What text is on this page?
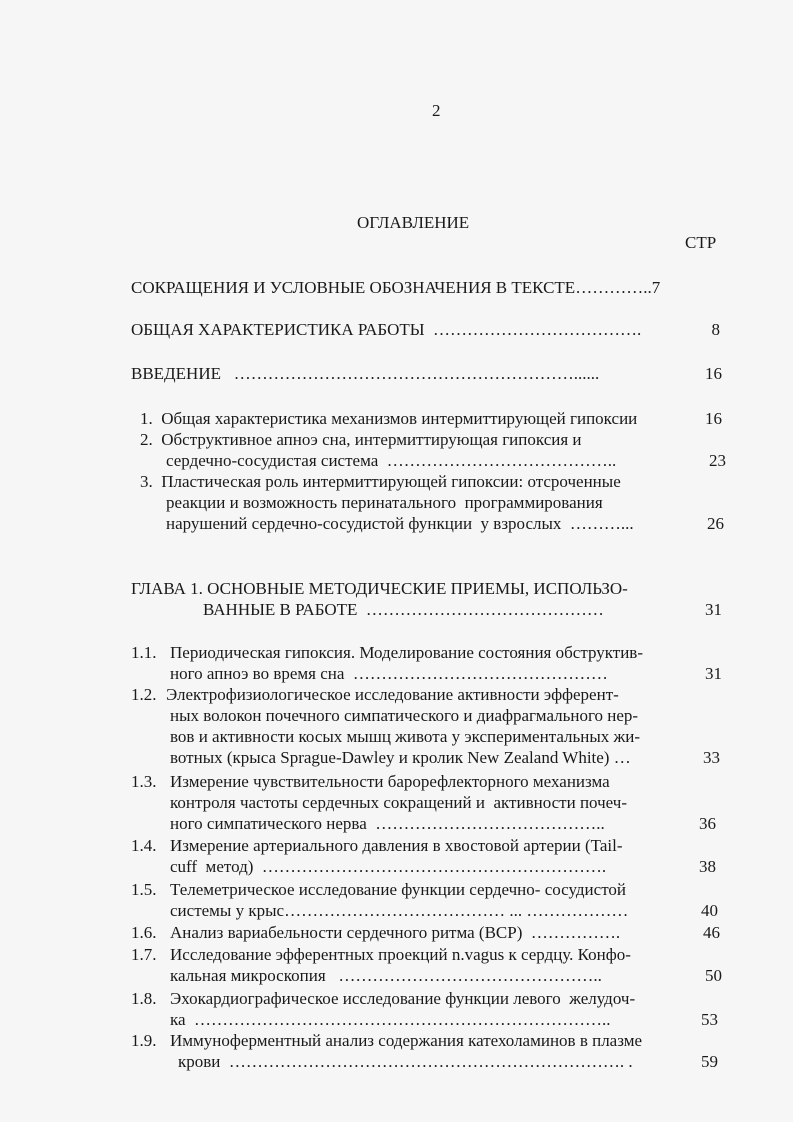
2
ОГЛАВЛЕНИЕ
СТР
СОКРАЩЕНИЯ И УСЛОВНЫЕ ОБОЗНАЧЕНИЯ В ТЕКСТЕ…………..7
ОБЩАЯ ХАРАКТЕРИСТИКА РАБОТЫ  ……………………………….	8
ВВЕДЕНИЕ   ……………………………………………………......	16
1.  Общая характеристика механизмов интермиттирующей гипоксии	16
2.  Обструктивное апноэ сна, интермиттирующая гипоксия и
сердечно-сосудистая система  …………………………………..	23
3.  Пластическая роль интермиттирующей гипоксии: отсроченные
реакции и возможность перинатального  программирования
нарушений сердечно-сосудистой функции  у взрослых  ………...	26
ГЛАВА 1. ОСНОВНЫЕ МЕТОДИЧЕСКИЕ ПРИЕМЫ, ИСПОЛЬЗО-
ВАННЫЕ В РАБОТЕ  ……………………………………	31
1.1. Периодическая гипоксия. Моделирование состояния обструктив-
ного апноэ во время сна  ………………………………………	31
1.2. Электрофизиологическое исследование активности эфферент-
ных волокон почечного симпатического и диафрагмального нер-
вов и активности косых мышц живота у экспериментальных жи-
вотных (крыса Sprague-Dawley и кролик New Zealand White) …	33
1.3. Измерение чувствительности барорефлекторного механизма
контроля частоты сердечных сокращений и  активности почеч-
ного симпатического нерва  …………………………………..	36
1.4. Измерение артериального давления в хвостовой артерии (Tail-
cuff  метод)  …………………………………………………….	38
1.5. Телеметрическое исследование функции сердечно- сосудистой
системы у крыс………………………………… ... ………………	40
1.6. Анализ вариабельности сердечного ритма (ВСР)  …………….	46
1.7. Исследование эфферентных проекций n.vagus к сердцу. Конфо-
кальная микроскопия   ………………………………………..	50
1.8. Эхокардиографическое исследование функции левого  желудоч-
ка  ………………………………………………………………..	53
1.9. Иммуноферментный анализ содержания катехоламинов в плазме
крови  ……………………………………………………………. .	59
